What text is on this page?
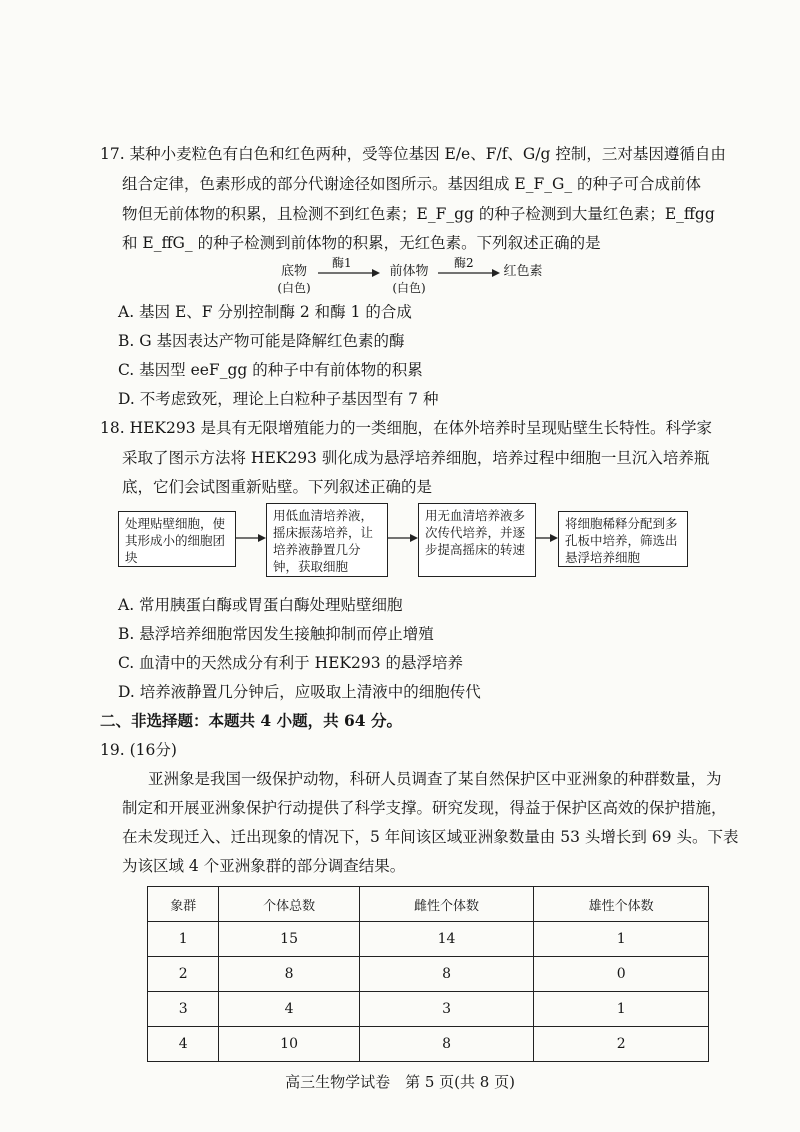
17. 某种小麦粒色有白色和红色两种，受等位基因 E/e、F/f、G/g 控制，三对基因遵循自由
组合定律，色素形成的部分代谢途径如图所示。基因组成 E_F_G_ 的种子可合成前体
物但无前体物的积累，且检测不到红色素；E_F_gg 的种子检测到大量红色素；E_ffgg
和 E_ffG_ 的种子检测到前体物的积累，无红色素。下列叙述正确的是
底物
(白色)
酶1
前体物
(白色)
酶2
红色素
A. 基因 E、F 分别控制酶 2 和酶 1 的合成
B. G 基因表达产物可能是降解红色素的酶
C. 基因型 eeF_gg 的种子中有前体物的积累
D. 不考虑致死，理论上白粒种子基因型有 7 种
18. HEK293 是具有无限增殖能力的一类细胞，在体外培养时呈现贴壁生长特性。科学家
采取了图示方法将 HEK293 驯化成为悬浮培养细胞，培养过程中细胞一旦沉入培养瓶
底，它们会试图重新贴壁。下列叙述正确的是
处理贴壁细胞，使其形成小的细胞团块
用低血清培养液，摇床振荡培养，让培养液静置几分钟，获取细胞
用无血清培养液多次传代培养，并逐步提高摇床的转速
将细胞稀释分配到多孔板中培养，筛选出悬浮培养细胞
A. 常用胰蛋白酶或胃蛋白酶处理贴壁细胞
B. 悬浮培养细胞常因发生接触抑制而停止增殖
C. 血清中的天然成分有利于 HEK293 的悬浮培养
D. 培养液静置几分钟后，应吸取上清液中的细胞传代
二、非选择题：本题共 4 小题，共 64 分。
19. (16分)
亚洲象是我国一级保护动物，科研人员调查了某自然保护区中亚洲象的种群数量，为
制定和开展亚洲象保护行动提供了科学支撑。研究发现，得益于保护区高效的保护措施，
在未发现迁入、迁出现象的情况下，5 年间该区域亚洲象数量由 53 头增长到 69 头。下表
为该区域 4 个亚洲象群的部分调查结果。
象群	个体总数	雌性个体数	雄性个体数
1	15	14	1
2	8	8	0
3	4	3	1
4	10	8	2
高三生物学试卷　第 5 页(共 8 页)
